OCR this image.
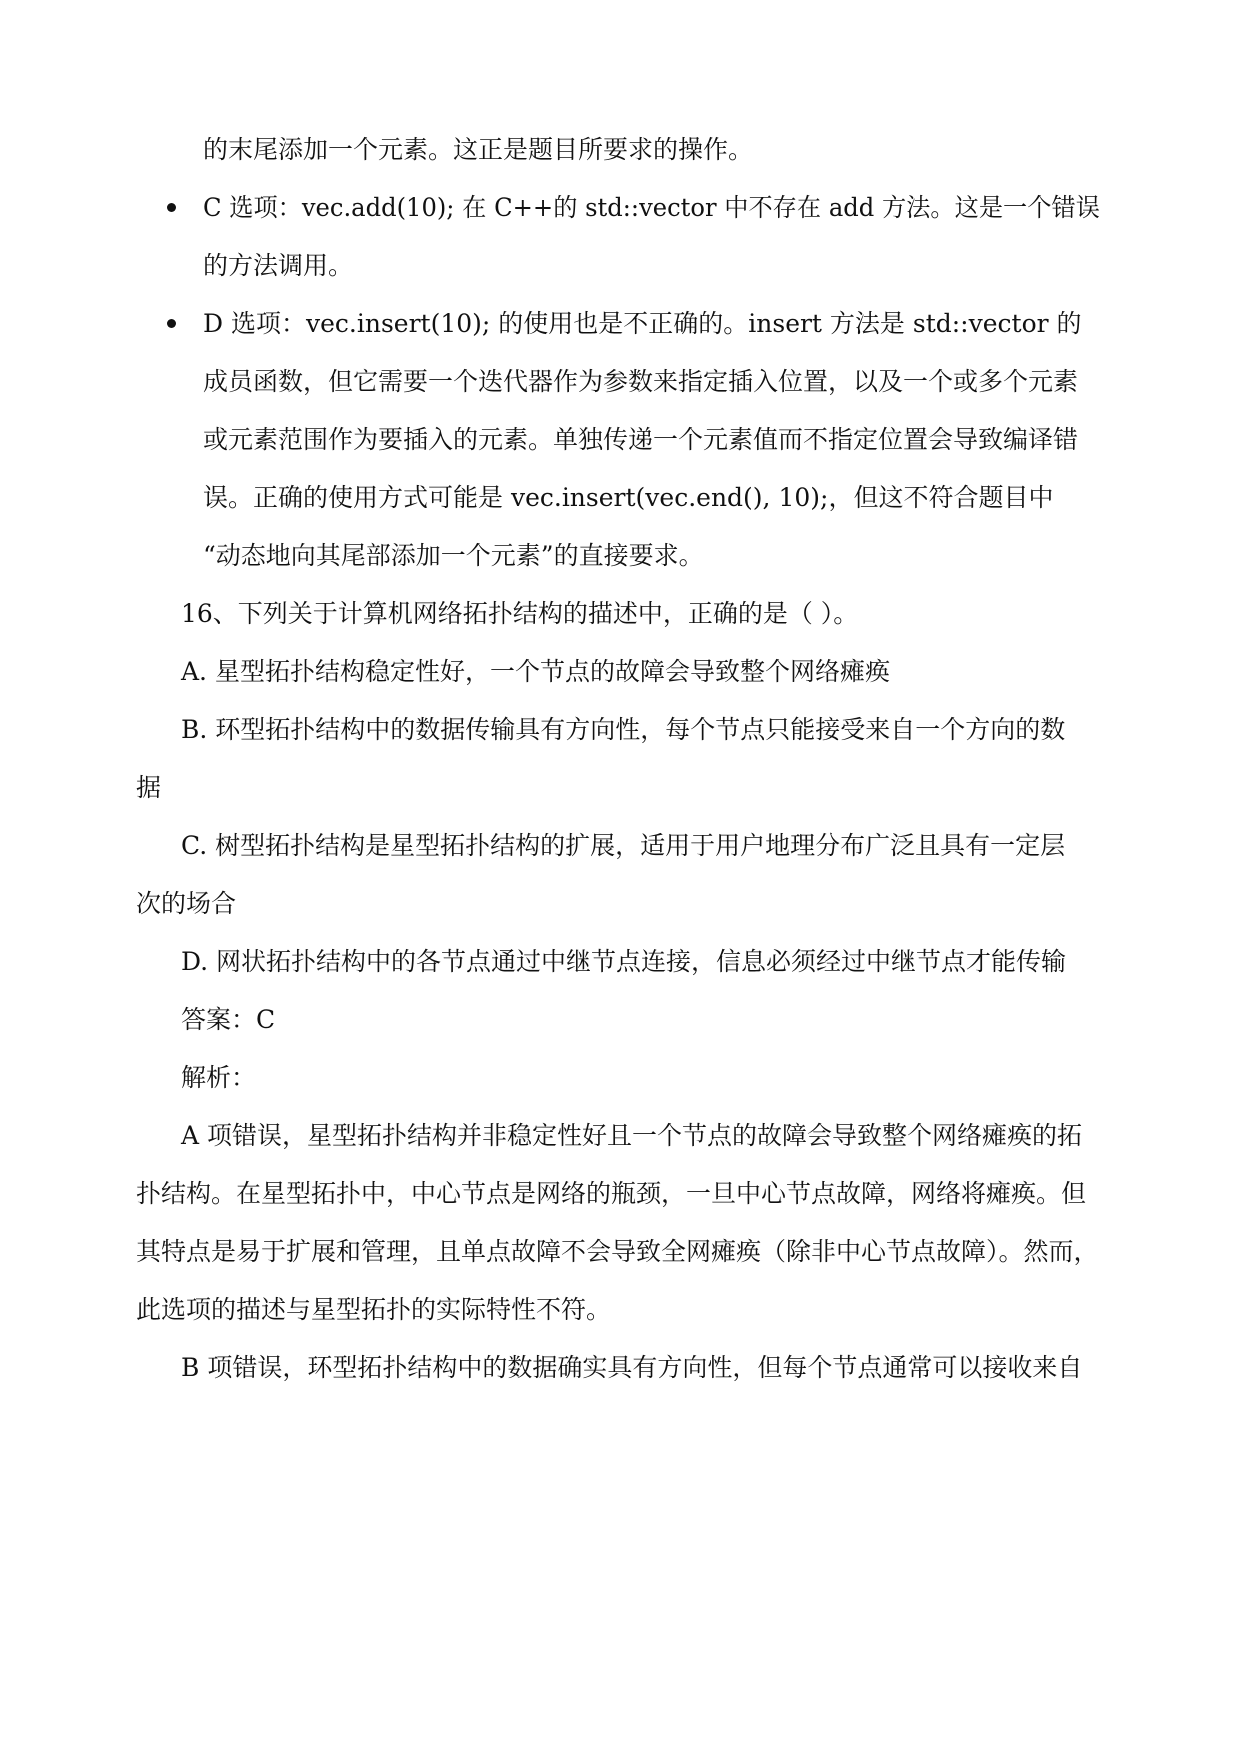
的末尾添加一个元素。这正是题目所要求的操作。
C 选项：vec.add(10); 在 C++的 std::vector 中不存在 add 方法。这是一个错误
的方法调用。
D 选项：vec.insert(10); 的使用也是不正确的。insert 方法是 std::vector 的
成员函数，但它需要一个迭代器作为参数来指定插入位置，以及一个或多个元素
或元素范围作为要插入的元素。单独传递一个元素值而不指定位置会导致编译错
误。正确的使用方式可能是 vec.insert(vec.end(), 10);，但这不符合题目中
“动态地向其尾部添加一个元素”的直接要求。
16、下列关于计算机网络拓扑结构的描述中，正确的是（ ）。
A. 星型拓扑结构稳定性好，一个节点的故障会导致整个网络瘫痪
B. 环型拓扑结构中的数据传输具有方向性，每个节点只能接受来自一个方向的数
据
C. 树型拓扑结构是星型拓扑结构的扩展，适用于用户地理分布广泛且具有一定层
次的场合
D. 网状拓扑结构中的各节点通过中继节点连接，信息必须经过中继节点才能传输
答案：C
解析：
A 项错误，星型拓扑结构并非稳定性好且一个节点的故障会导致整个网络瘫痪的拓
扑结构。在星型拓扑中，中心节点是网络的瓶颈，一旦中心节点故障，网络将瘫痪。但
其特点是易于扩展和管理，且单点故障不会导致全网瘫痪（除非中心节点故障）。然而，
此选项的描述与星型拓扑的实际特性不符。
B 项错误，环型拓扑结构中的数据确实具有方向性，但每个节点通常可以接收来自
